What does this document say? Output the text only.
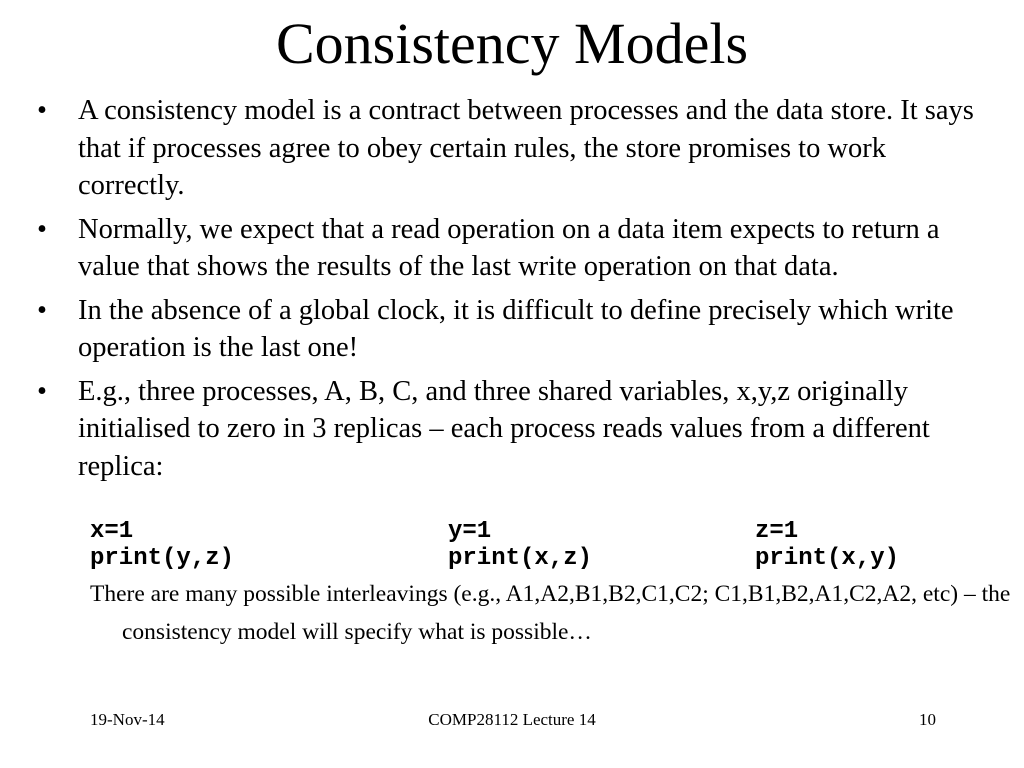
Consistency Models
•	A consistency model is a contract between processes and the data store. It says that if processes agree to obey certain rules, the store promises to work correctly.
•	Normally, we expect that a read operation on a data item expects to return a value that shows the results of the last write operation on that data.
•	In the absence of a global clock, it is difficult to define precisely which write operation is the last one!
•	E.g., three processes, A, B, C, and three shared variables, x,y,z originally initialised to zero in 3 replicas – each process reads values from a different replica:
x=1	y=1	z=1
print(y,z)	print(x,z)	print(x,y)

There are many possible interleavings (e.g., A1,A2,B1,B2,C1,C2; C1,B1,B2,A1,C2,A2, etc) – the consistency model will specify what is possible…

19-Nov-14	COMP28112 Lecture 14	10
